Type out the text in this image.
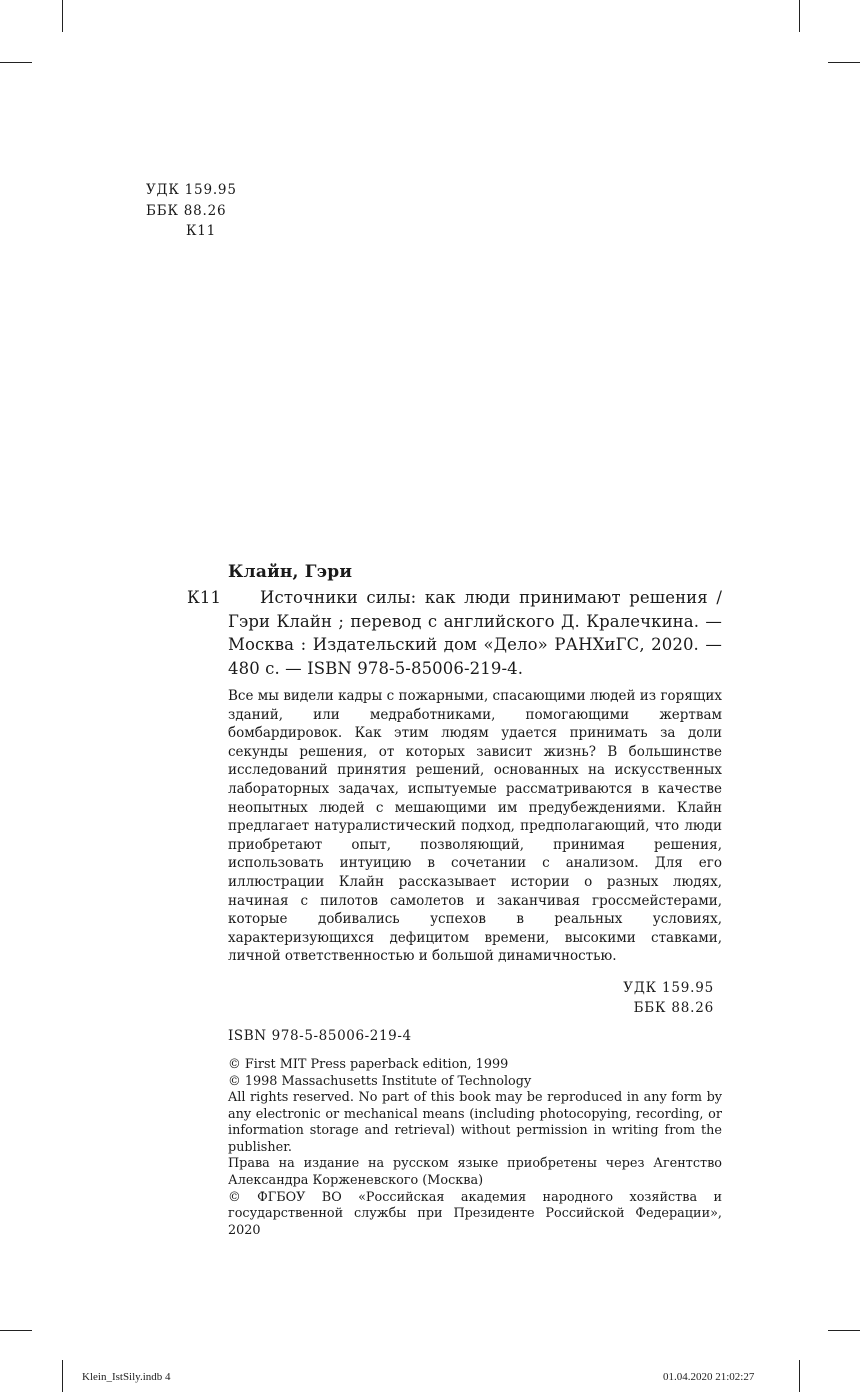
УДК 159.95
ББК 88.26
К11
Клайн, Гэри
К11 Источники силы: как люди принимают решения / Гэри Клайн ; перевод с английского Д. Кралечкина. — Москва : Издательский дом «Дело» РАНХиГС, 2020. — 480 с. — ISBN 978-5-85006-219-4.
Все мы видели кадры с пожарными, спасающими людей из горящих зданий, или медработниками, помогающими жертвам бомбардировок. Как этим людям удается принимать за доли секунды решения, от которых зависит жизнь? В большинстве исследований принятия решений, основанных на искусственных лабораторных задачах, испытуемые рассматриваются в качестве неопытных людей с мешающими им предубеждениями. Клайн предлагает натуралистический подход, предполагающий, что люди приобретают опыт, позволяющий, принимая решения, использовать интуицию в сочетании с анализом. Для его иллюстрации Клайн рассказывает истории о разных людях, начиная с пилотов самолетов и заканчивая гроссмейстерами, которые добивались успехов в реальных условиях, характеризующихся дефицитом времени, высокими ставками, личной ответственностью и большой динамичностью.
УДК 159.95
ББК 88.26
ISBN 978-5-85006-219-4
© First MIT Press paperback edition, 1999
© 1998 Massachusetts Institute of Technology
All rights reserved. No part of this book may be reproduced in any form by any electronic or mechanical means (including photocopying, recording, or information storage and retrieval) without permission in writing from the publisher.
Права на издание на русском языке приобретены через Агентство Александра Корженевского (Москва)
© ФГБОУ ВО «Российская академия народного хозяйства и государственной службы при Президенте Российской Федерации», 2020
Klein_IstSily.indb 4	01.04.2020 21:02:27
